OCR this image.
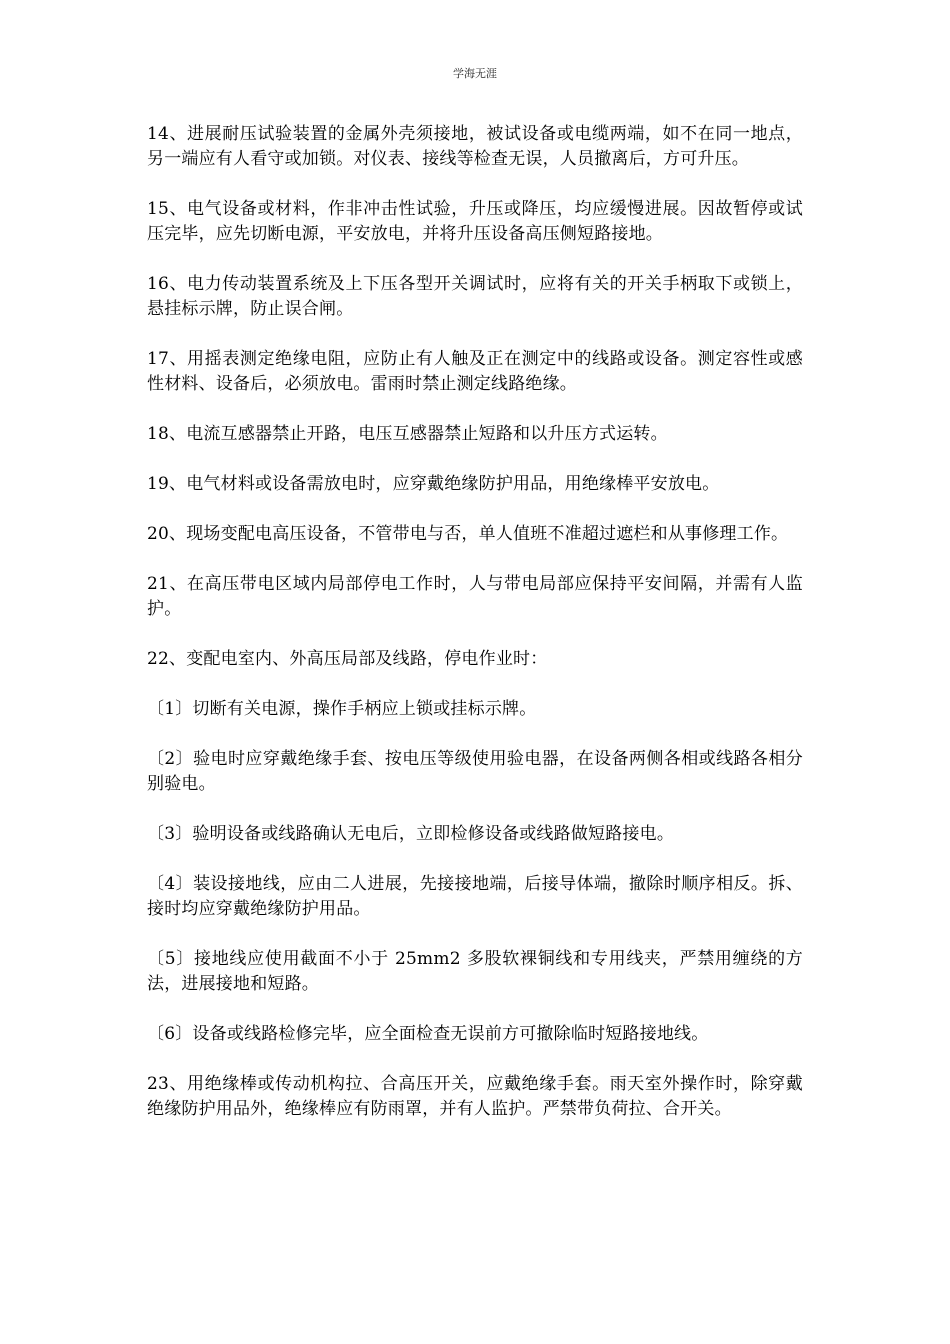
学海无涯

14、进展耐压试验装置的金属外壳须接地，被试设备或电缆两端，如不在同一地点，另一端应有人看守或加锁。对仪表、接线等检查无误，人员撤离后，方可升压。

15、电气设备或材料，作非冲击性试验，升压或降压，均应缓慢进展。因故暂停或试压完毕，应先切断电源，平安放电，并将升压设备高压侧短路接地。

16、电力传动装置系统及上下压各型开关调试时，应将有关的开关手柄取下或锁上，悬挂标示牌，防止误合闸。

17、用摇表测定绝缘电阻，应防止有人触及正在测定中的线路或设备。测定容性或感性材料、设备后，必须放电。雷雨时禁止测定线路绝缘。

18、电流互感器禁止开路，电压互感器禁止短路和以升压方式运转。

19、电气材料或设备需放电时，应穿戴绝缘防护用品，用绝缘棒平安放电。

20、现场变配电高压设备，不管带电与否，单人值班不准超过遮栏和从事修理工作。

21、在高压带电区域内局部停电工作时，人与带电局部应保持平安间隔，并需有人监护。

22、变配电室内、外高压局部及线路，停电作业时：

〔1〕切断有关电源，操作手柄应上锁或挂标示牌。

〔2〕验电时应穿戴绝缘手套、按电压等级使用验电器，在设备两侧各相或线路各相分别验电。

〔3〕验明设备或线路确认无电后，立即检修设备或线路做短路接电。

〔4〕装设接地线，应由二人进展，先接接地端，后接导体端，撤除时顺序相反。拆、接时均应穿戴绝缘防护用品。

〔5〕接地线应使用截面不小于 25mm2 多股软裸铜线和专用线夹，严禁用缠绕的方法，进展接地和短路。

〔6〕设备或线路检修完毕，应全面检查无误前方可撤除临时短路接地线。

23、用绝缘棒或传动机构拉、合高压开关，应戴绝缘手套。雨天室外操作时，除穿戴绝缘防护用品外，绝缘棒应有防雨罩，并有人监护。严禁带负荷拉、合开关。
